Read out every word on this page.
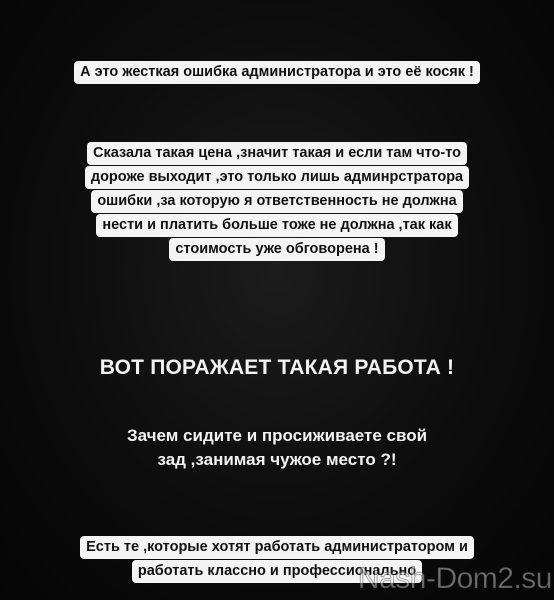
А это жесткая ошибка администратора и это её косяк !
Сказала такая цена ,значит такая и если там что-то
дороже выходит ,это только лишь админрстратора
ошибки ,за которую я ответственность не должна
нести и платить больше тоже не должна ,так как
стоимость уже обговорена !
ВОТ ПОРАЖАЕТ ТАКАЯ РАБОТА !
Зачем сидите и просиживаете свой
зад ,занимая чужое место ?!
Есть те ,которые хотят работать администратором и
работать классно и профессионально
Nash-Dom2.su
